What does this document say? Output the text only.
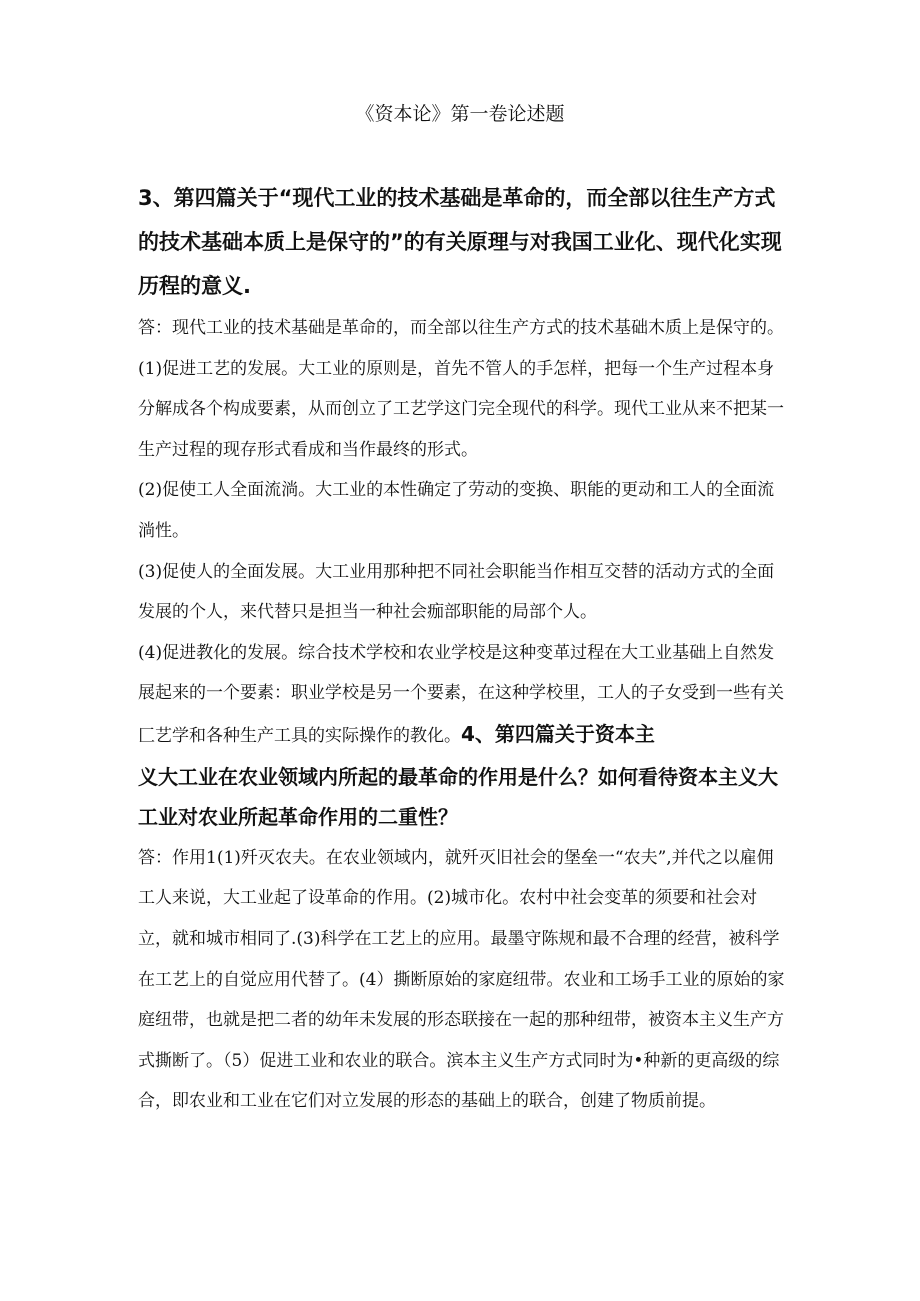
《资本论》第一卷论述题

3、第四篇关于“现代工业的技术基础是革命的，而全部以往生产方式的技术基础本质上是保守的”的有关原理与对我国工业化、现代化实现历程的意义.

答：现代工业的技术基础是革命的，而全部以往生产方式的技术基础木质上是保守的。

(1)促进工艺的发展。大工业的原则是，首先不管人的手怎样，把每一个生产过程本身分解成各个构成要素，从而创立了工艺学这门完全现代的科学。现代工业从来不把某一生产过程的现存形式看成和当作最终的形式。

(2)促使工人全面流淌。大工业的本性确定了劳动的变换、职能的更动和工人的全面流淌性。

(3)促使人的全面发展。大工业用那种把不同社会职能当作相互交替的活动方式的全面发展的个人，来代替只是担当一种社会痂部职能的局部个人。

(4)促进教化的发展。综合技术学校和农业学校是这种变革过程在大工业基础上自然发展起来的一个要素：职业学校是另一个要素，在这种学校里，工人的子女受到一些有关匚艺学和各种生产工具的实际操作的教化。4、第四篇关于资本主

义大工业在农业领域内所起的最革命的作用是什么？如何看待资本主义大工业对农业所起革命作用的二重性？

答：作用1(1)歼灭农夫。在农业领域内，就歼灭旧社会的堡垒一“农夫”,并代之以雇佣工人来说，大工业起了设革命的作用。(2)城市化。农村中社会变革的须要和社会对立，就和城市相同了.(3)科学在工艺上的应用。最墨守陈规和最不合理的经营，被科学在工艺上的自觉应用代替了。(4）撕断原始的家庭纽带。农业和工场手工业的原始的家庭纽带，也就是把二者的幼年未发展的形态联接在一起的那种纽带，被资本主义生产方式撕断了。（5）促进工业和农业的联合。滨本主义生产方式同时为•种新的更高级的综合，即农业和工业在它们对立发展的形态的基础上的联合，创建了物质前提。
